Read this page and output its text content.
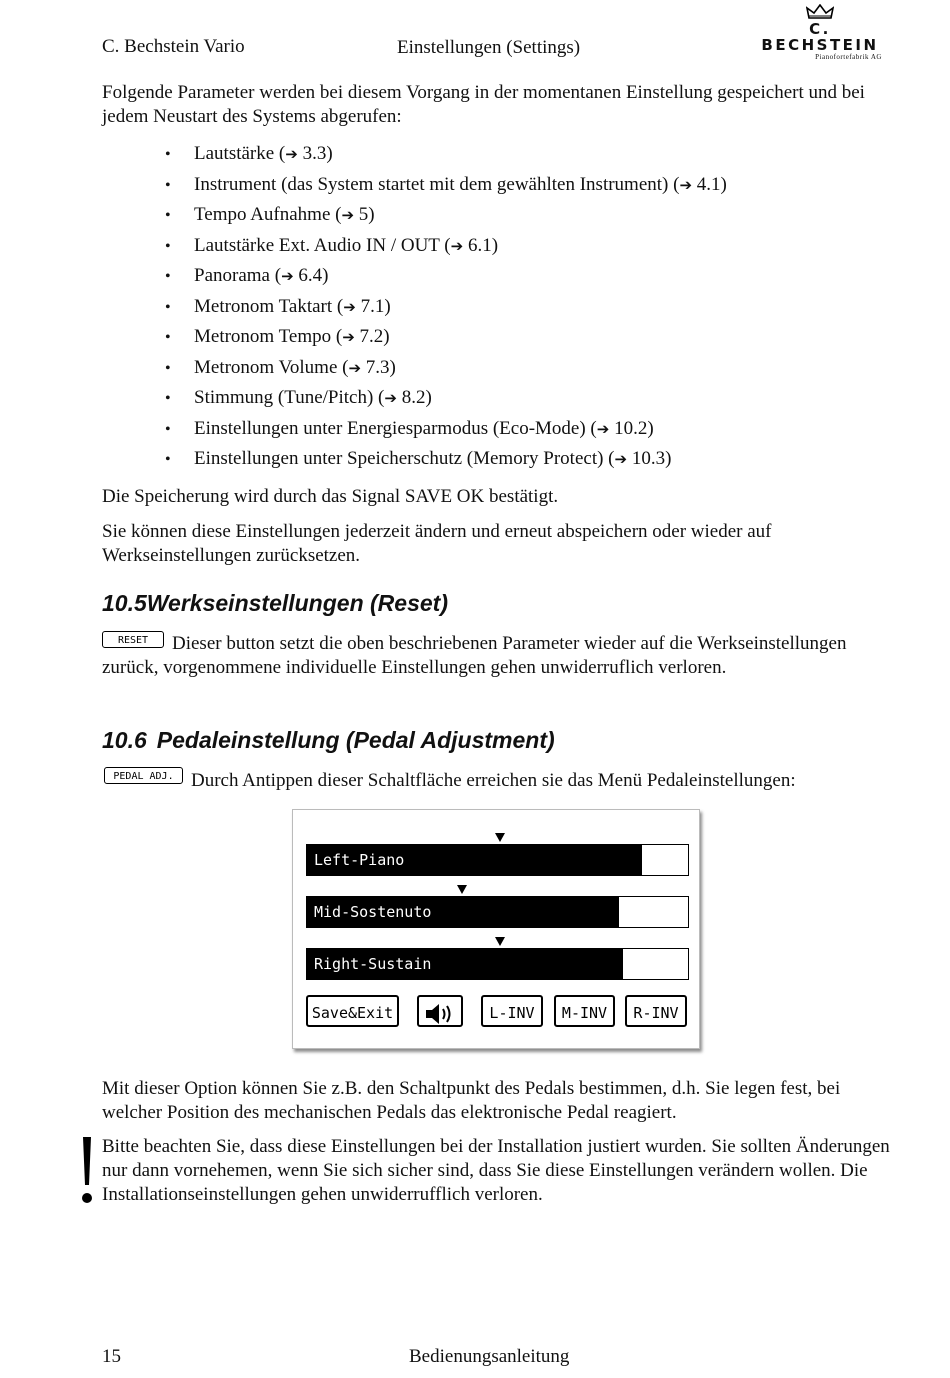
C. Bechstein Vario	Einstellungen (Settings)
C. BECHSTEIN
Pianofortefabrik AG

Folgende Parameter werden bei diesem Vorgang in der momentanen Einstellung gespeichert und bei jedem Neustart des Systems abgerufen:

• Lautstärke (➔ 3.3)
• Instrument (das System startet mit dem gewählten Instrument) (➔ 4.1)
• Tempo Aufnahme (➔ 5)
• Lautstärke Ext. Audio IN / OUT (➔ 6.1)
• Panorama (➔ 6.4)
• Metronom Taktart (➔ 7.1)
• Metronom Tempo (➔ 7.2)
• Metronom Volume (➔ 7.3)
• Stimmung (Tune/Pitch) (➔ 8.2)
• Einstellungen unter Energiesparmodus (Eco-Mode) (➔ 10.2)
• Einstellungen unter Speicherschutz (Memory Protect) (➔ 10.3)

Die Speicherung wird durch das Signal SAVE OK bestätigt.

Sie können diese Einstellungen jederzeit ändern und erneut abspeichern oder wieder auf Werkseinstellungen zurücksetzen.

10.5Werkseinstellungen (Reset)

Dieser button setzt die oben beschriebenen Parameter wieder auf die Werkseinstellungen zurück, vorgenommene individuelle Einstellungen gehen unwiderruflich verloren.

RESET
10.6 Pedaleinstellung (Pedal Adjustment)
PEDAL ADJ. Durch Antippen dieser Schaltfläche erreichen sie das Menü Pedaleinstellungen:

Left-Piano
Mid-Sostenuto
Right-Sustain
Save&Exit	L-INV	M-INV	R-INV

Mit dieser Option können Sie z.B. den Schaltpunkt des Pedals bestimmen, d.h. Sie legen fest, bei welcher Position des mechanischen Pedals das elektronische Pedal reagiert.

Bitte beachten Sie, dass diese Einstellungen bei der Installation justiert wurden. Sie sollten Änderungen nur dann vornehemen, wenn Sie sich sicher sind, dass Sie diese Einstellungen verändern wollen. Die Installationseinstellungen gehen unwiderrufflich verloren.

15	Bedienungsanleitung
